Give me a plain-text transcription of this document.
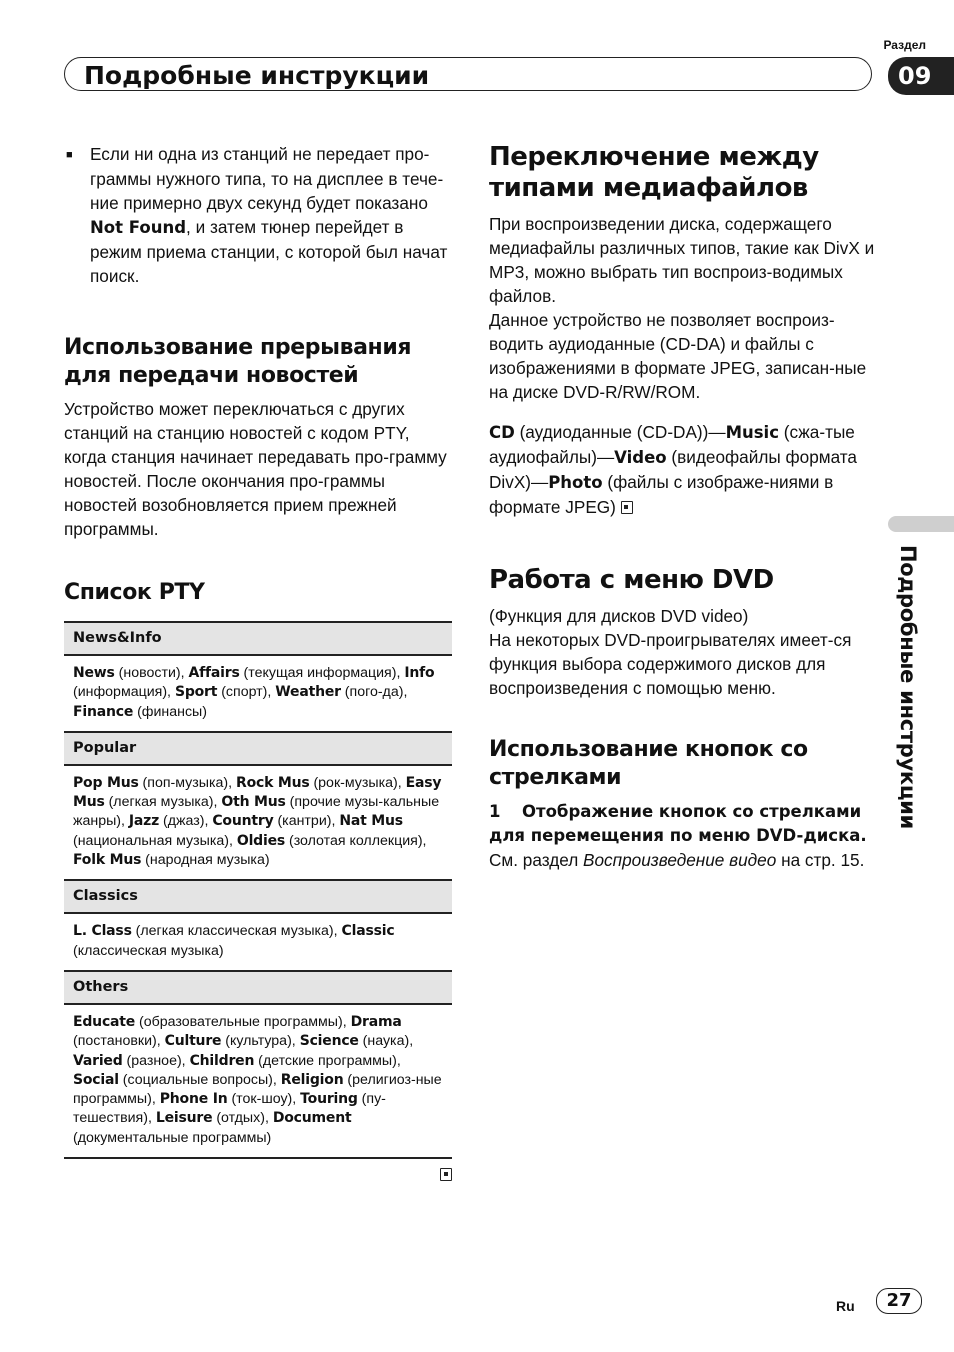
Раздел
Подробные инструкции	09

■ Если ни одна из станций не передает про-граммы нужного типа, то на дисплее в тече-ние примерно двух секунд будет показано Not Found, и затем тюнер перейдет в режим приема станции, с которой был начат поиск.

Использование прерывания для передачи новостей

Устройство может переключаться с других станций на станцию новостей с кодом PTY, когда станция начинает передавать про-грамму новостей. После окончания про-граммы новостей возобновляется прием прежней программы.

Список PTY
News&Info
News (новости), Affairs (текущая информация), Info (информация), Sport (спорт), Weather (пого-да), Finance (финансы)
Popular
Pop Mus (поп-музыка), Rock Mus (рок-музыка), Easy Mus (легкая музыка), Oth Mus (прочие музы-кальные жанры), Jazz (джаз), Country (кантри), Nat Mus (национальная музыка), Oldies (золотая коллекция), Folk Mus (народная музыка)
Classics
L. Class (легкая классическая музыка), Classic (классическая музыка)
Others
Educate (образовательные программы), Drama (постановки), Culture (культура), Science (наука), Varied (разное), Children (детские программы), Social (социальные вопросы), Religion (религиоз-ные программы), Phone In (ток-шоу), Touring (пу-тешествия), Leisure (отдых), Document (документальные программы)
Переключение между типами медиафайлов

При воспроизведении диска, содержащего медиафайлы различных типов, такие как DivX и MP3, можно выбрать тип воспроиз-водимых файлов.

Данное устройство не позволяет воспроиз-водить аудиоданные (CD-DA) и файлы с изображениями в формате JPEG, записан-ные на диске DVD-R/RW/ROM.

CD (аудиоданные (CD-DA))—Music (сжа-тые аудиофайлы)—Video (видеофайлы формата DivX)—Photo (файлы с изображе-ниями в формате JPEG)

Работа с меню DVD

(Функция для дисков DVD video)

На некоторых DVD-проигрывателях имеет-ся функция выбора содержимого дисков для воспроизведения с помощью меню.

Использование кнопок со стрелками

1 Отображение кнопок со стрелками для перемещения по меню DVD-диска.

См. раздел Воспроизведение видео на стр. 15.

Подробные инструкции
Ru	27
